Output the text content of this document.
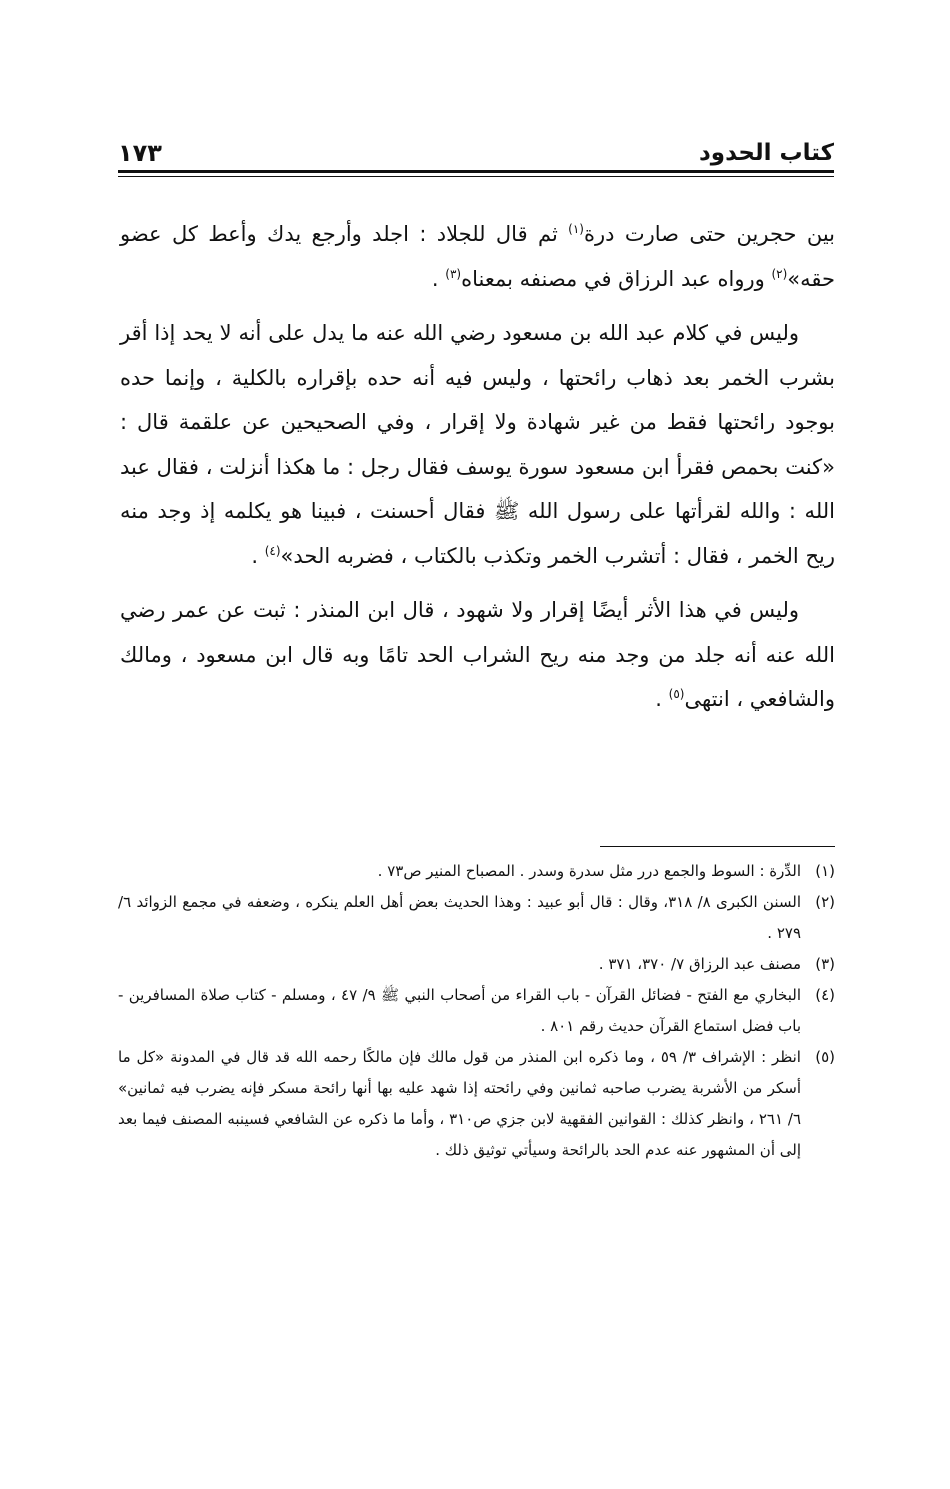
كتاب الحدود
١٧٣

بين حجرين حتى صارت درة$^{(١)}$ ثم قال للجلاد : اجلد وأرجع يدك وأعط كل عضو حقه»$^{(٢)}$ ورواه عبد الرزاق في مصنفه بمعناه$^{(٣)}$ .

وليس في كلام عبد الله بن مسعود رضي الله عنه ما يدل على أنه لا يحد إذا أقر بشرب الخمر بعد ذهاب رائحتها ، وليس فيه أنه حده بإقراره بالكلية ، وإنما حده بوجود رائحتها فقط من غير شهادة ولا إقرار ، وفي الصحيحين عن علقمة قال : «كنت بحمص فقرأ ابن مسعود سورة يوسف فقال رجل : ما هكذا أنزلت ، فقال عبد الله : والله لقرأتها على رسول الله ﷺ فقال أحسنت ، فبينا هو يكلمه إذ وجد منه ريح الخمر ، فقال : أتشرب الخمر وتكذب بالكتاب ، فضربه الحد»$^{(٤)}$ .

وليس في هذا الأثر أيضًا إقرار ولا شهود ، قال ابن المنذر : ثبت عن عمر رضي الله عنه أنه جلد من وجد منه ريح الشراب الحد تامًا وبه قال ابن مسعود ، ومالك والشافعي ، انتهى$^{(٥)}$ .

(١)
الدِّرة : السوط والجمع درر مثل سدرة وسدر . المصباح المنير ص٧٣ .
(٢)
السنن الكبرى ٨/ ٣١٨، وقال : قال أبو عبيد : وهذا الحديث بعض أهل العلم ينكره ، وضعفه في مجمع الزوائد ٦/ ٢٧٩ .
(٣)
مصنف عبد الرزاق ٧/ ٣٧٠، ٣٧١ .
(٤)
البخاري مع الفتح - فضائل القرآن - باب القراء من أصحاب النبي ﷺ ٩/ ٤٧ ، ومسلم - كتاب صلاة المسافرين - باب فضل استماع القرآن حديث رقم ٨٠١ .
(٥)
انظر : الإشراف ٣/ ٥٩ ، وما ذكره ابن المنذر من قول مالك فإن مالكًا رحمه الله قد قال في المدونة «كل ما أسكر من الأشربة يضرب صاحبه ثمانين وفي رائحته إذا شهد عليه بها أنها رائحة مسكر فإنه يضرب فيه ثمانين» ٦/ ٢٦١ ، وانظر كذلك : القوانين الفقهية لابن جزي ص٣١٠ ، وأما ما ذكره عن الشافعي فسينبه المصنف فيما بعد إلى أن المشهور عنه عدم الحد بالرائحة وسيأتي توثيق ذلك .
